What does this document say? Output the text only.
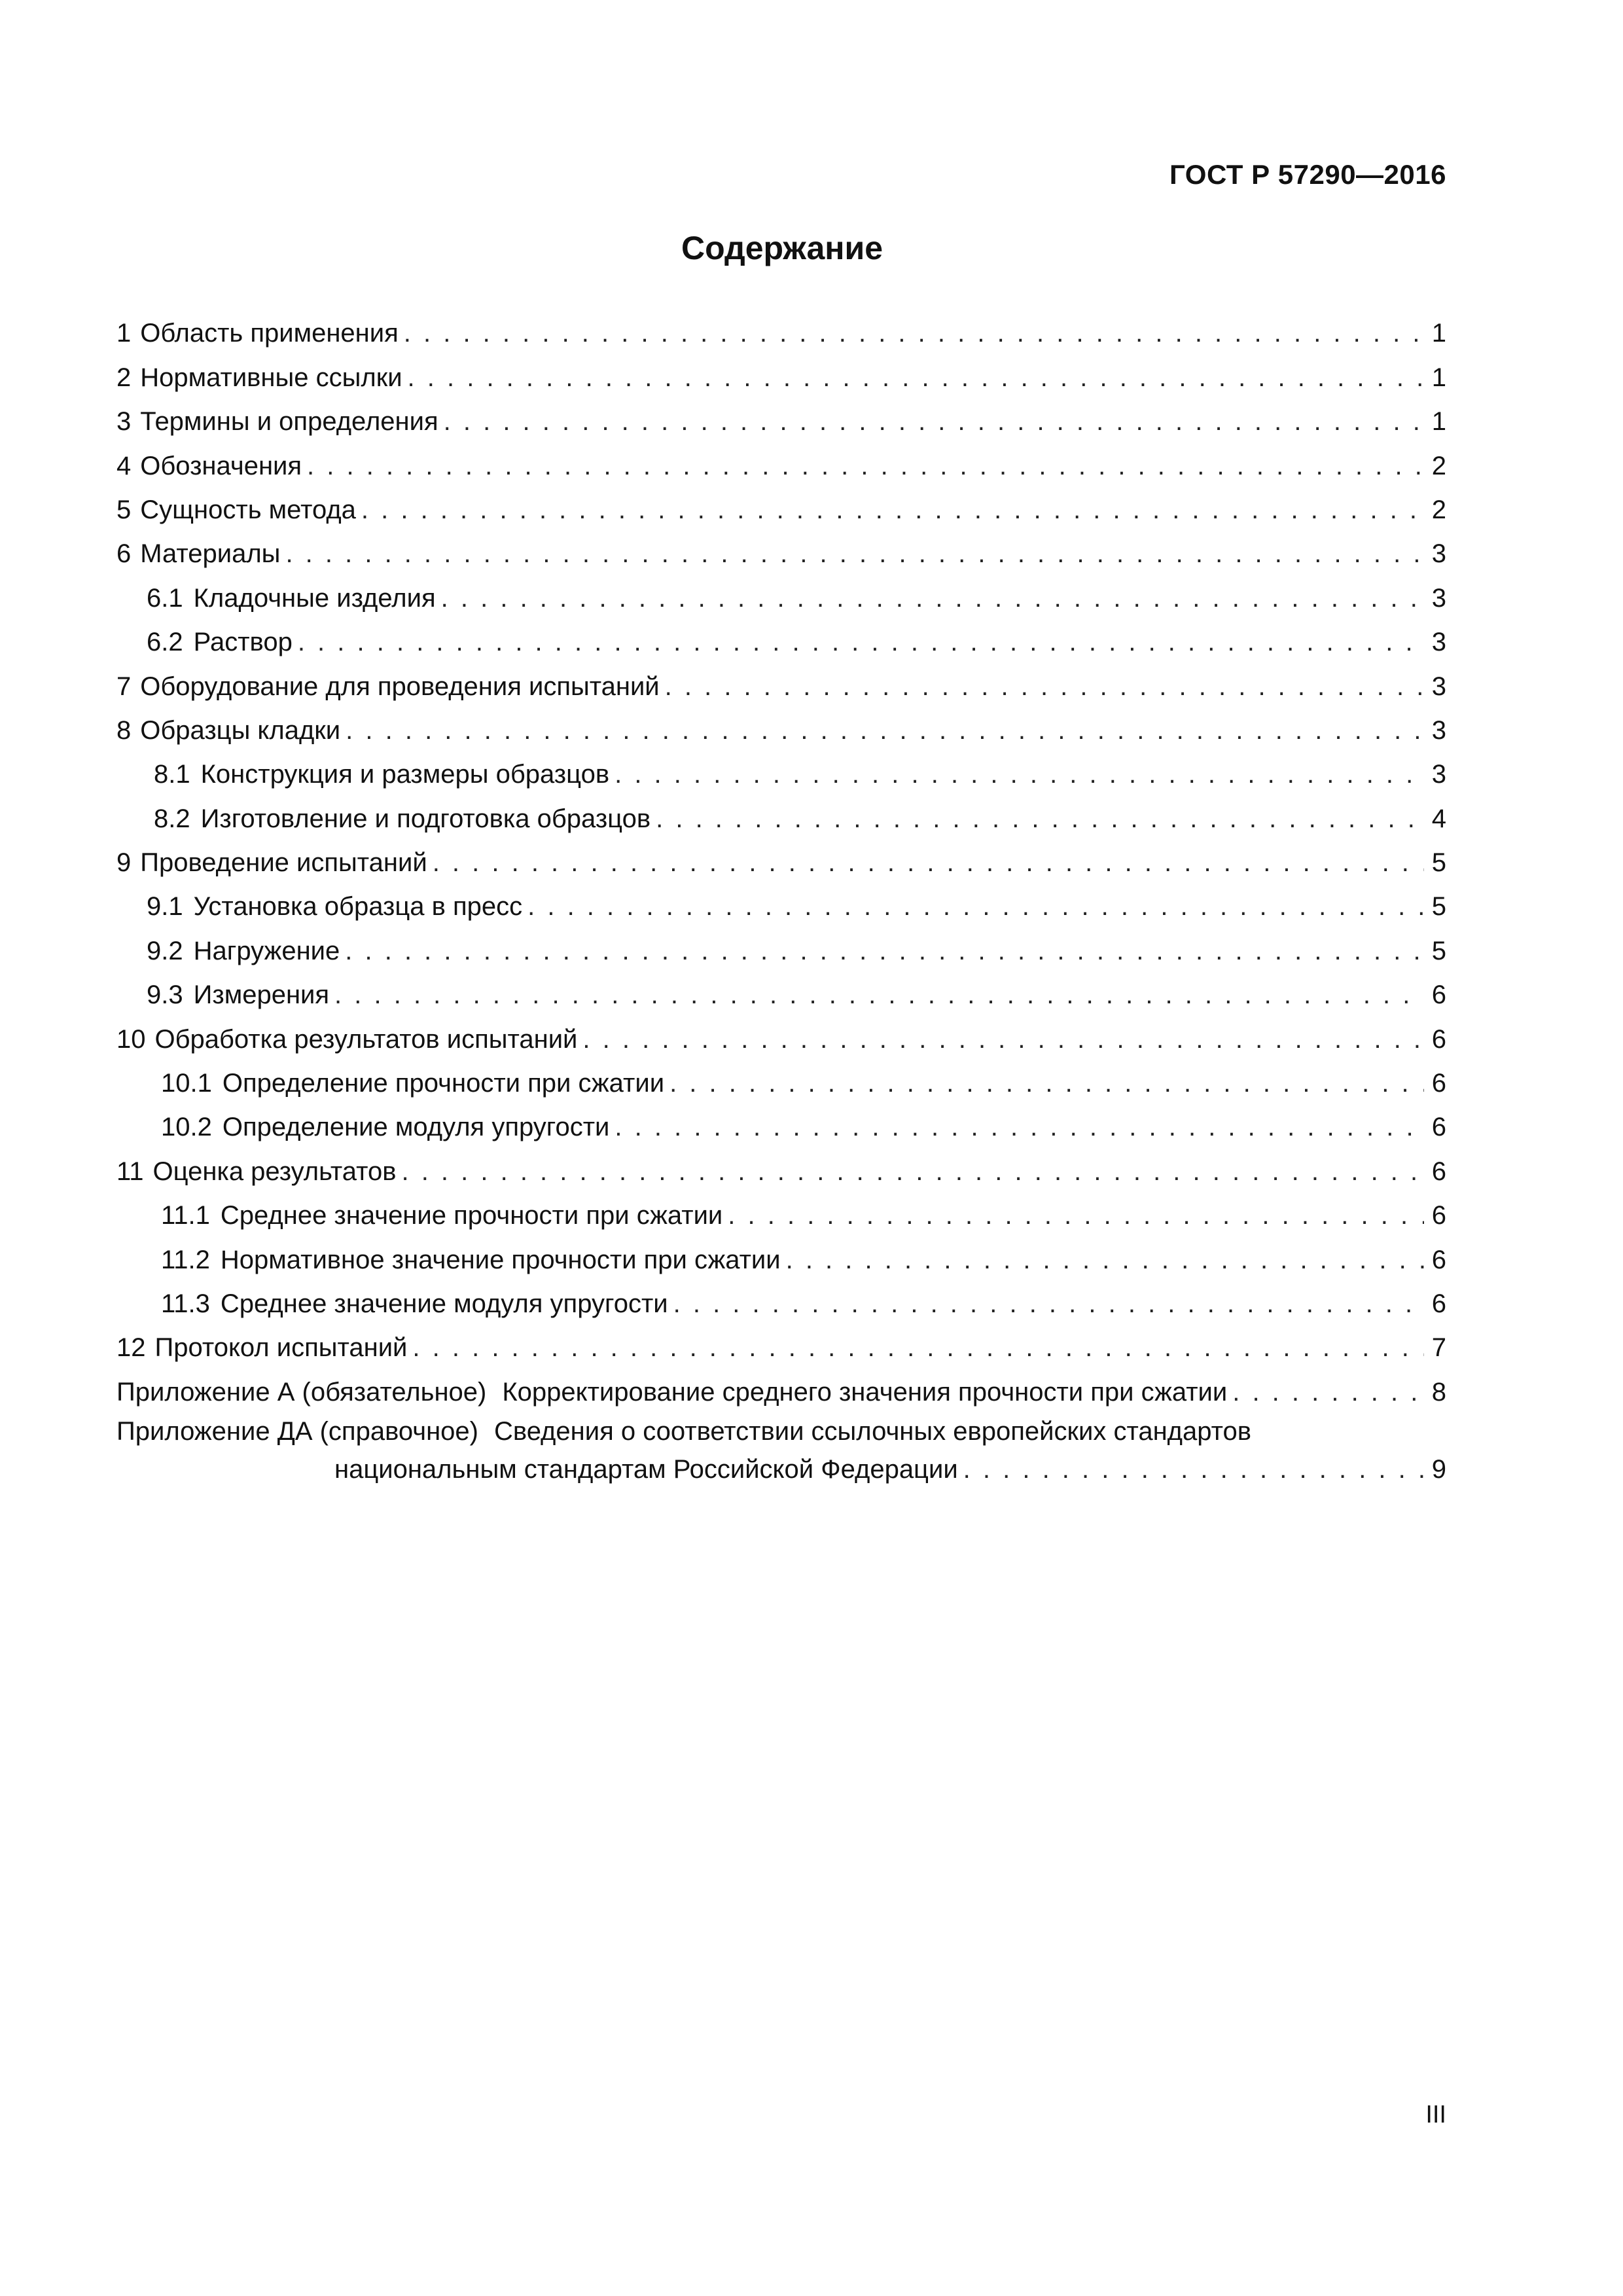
ГОСТ Р 57290—2016
Содержание
1 Область применения . . .	1
2 Нормативные ссылки . . .	1
3 Термины и определения . . .	1
4 Обозначения . . .	2
5 Сущность метода . . .	2
6 Материалы . . .	3
6.1 Кладочные изделия . . .	3
6.2 Раствор . . .	3
7 Оборудование для проведения испытаний . . .	3
8 Образцы кладки . . .	3
8.1 Конструкция и размеры образцов . . .	3
8.2 Изготовление и подготовка образцов . . .	4
9 Проведение испытаний . . .	5
9.1 Установка образца в пресс . . .	5
9.2 Нагружение . . .	5
9.3 Измерения . . .	6
10 Обработка результатов испытаний . . .	6
10.1 Определение прочности при сжатии . . .	6
10.2 Определение модуля упругости . . .	6
11 Оценка результатов . . .	6
11.1 Среднее значение прочности при сжатии . . .	6
11.2 Нормативное значение прочности при сжатии . . .	6
11.3 Среднее значение модуля упругости . . .	6
12 Протокол испытаний . . .	7
Приложение А (обязательное) Корректирование среднего значения прочности при сжатии . . .	8
Приложение ДА (справочное) Сведения о соответствии ссылочных европейских стандартов
национальным стандартам Российской Федерации . . .	9
III
